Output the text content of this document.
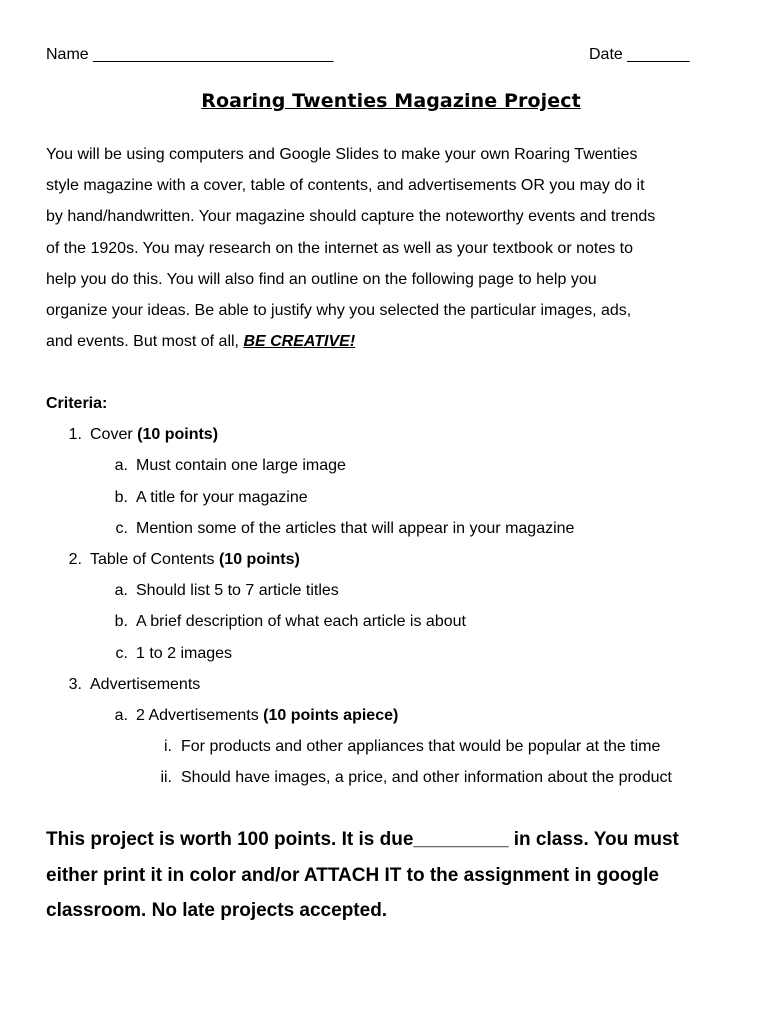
Name ___________________________	Date _______
Roaring Twenties Magazine Project
You will be using computers and Google Slides to make your own Roaring Twenties
style magazine with a cover, table of contents, and advertisements OR you may do it
by hand/handwritten. Your magazine should capture the noteworthy events and trends
of the 1920s. You may research on the internet as well as your textbook or notes to
help you do this. You will also find an outline on the following page to help you
organize your ideas. Be able to justify why you selected the particular images, ads,
and events. But most of all, BE CREATIVE!
Criteria:
1. Cover (10 points)
a. Must contain one large image
b. A title for your magazine
c. Mention some of the articles that will appear in your magazine
2. Table of Contents (10 points)
a. Should list 5 to 7 article titles
b. A brief description of what each article is about
c. 1 to 2 images
3. Advertisements
a. 2 Advertisements (10 points apiece)
i. For products and other appliances that would be popular at the time
ii. Should have images, a price, and other information about the product
This project is worth 100 points. It is due_________ in class. You must
either print it in color and/or ATTACH IT to the assignment in google
classroom. No late projects accepted.
